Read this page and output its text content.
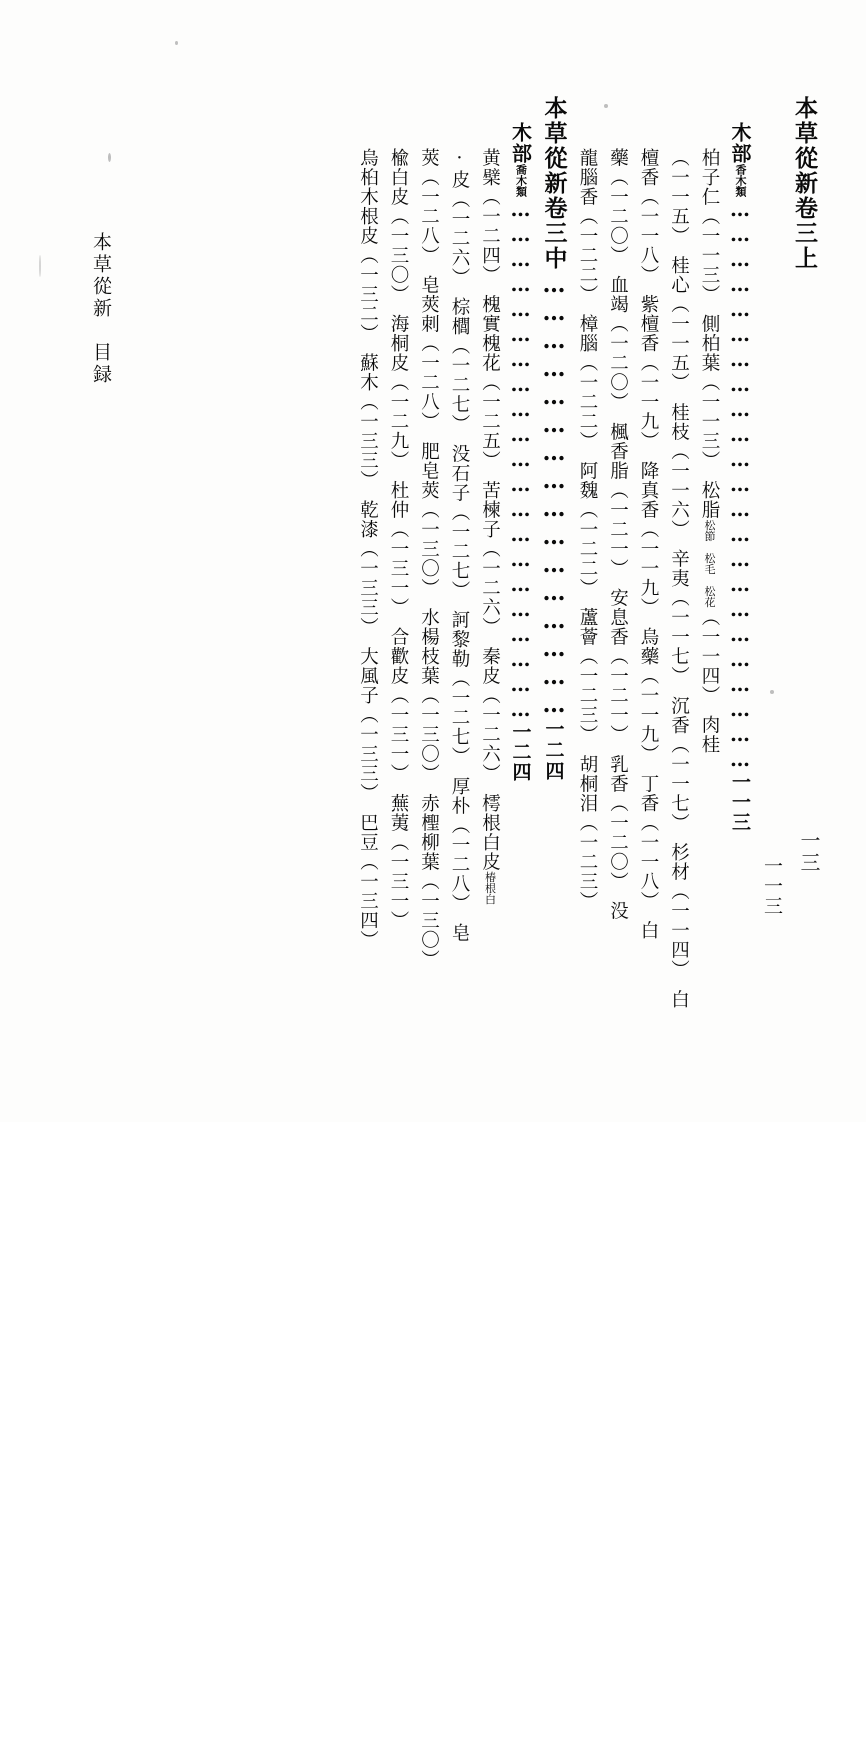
本草從新卷三上
一一三
木部香木類……………………………………………………………一一三
柏子仁（一一三）　側柏葉（一一三）　松脂松節　松毛　松花（一一四）　肉桂
（一一五）　桂心（一一五）　桂枝（一一六）　辛夷（一一七）　沉香（一一七）　杉材（一一四）　白
檀香（一一八）　紫檀香（一一九）　降真香（一一九）　烏藥（一一九）　丁香（一一八）　白
藥（一二〇）　血竭（一二〇）　楓香脂（一二一）　安息香（一二一）　乳香（一二〇）　没
龍腦香（一二二）　樟腦（一二二）　阿魏（一二二）　蘆薈（一二三）　胡桐泪（一二三）
本草從新卷三中…………………………………………一二四
木部喬木類………………………………………………………一二四
黄檗（一二四）　槐實槐花（一二五）　苦楝子（一二六）　秦皮（一二六）　樗根白皮椿根白
·皮（一二六）　棕櫚（一二七）　没石子（一二七）　訶黎勒（一二七）　厚朴（一二八）　皂
莢（一二八）　皂莢刺（一二八）　肥皂莢（一三〇）　水楊枝葉（一三〇）　赤檉柳葉（一三〇）
楡白皮（一三〇）　海桐皮（一二九）　杜仲（一三一）　合歡皮（一三一）　蕪荑（一三一）
烏桕木根皮（一三二）　蘇木（一三三）　乾漆（一三三）　大風子（一三三）　巴豆（一三四）
本草從新　目録
一三
